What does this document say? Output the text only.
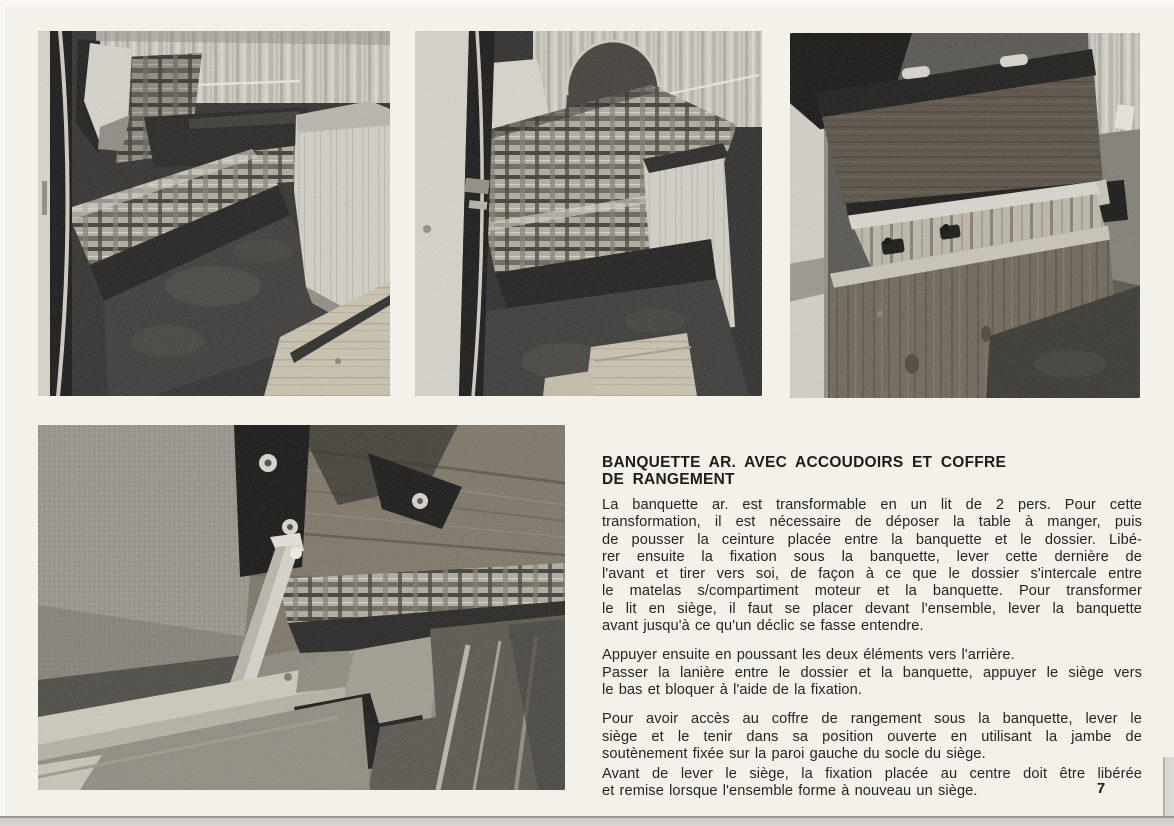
BANQUETTE AR. AVEC ACCOUDOIRS ET COFFRE
DE RANGEMENT
La banquette ar. est transformable en un lit de 2 pers. Pour cette
transformation, il est nécessaire de déposer la table à manger, puis
de pousser la ceinture placée entre la banquette et le dossier. Libé-
rer ensuite la fixation sous la banquette, lever cette dernière de
l'avant et tirer vers soi, de façon à ce que le dossier s'intercale entre
le matelas s/compartiment moteur et la banquette. Pour transformer
le lit en siège, il faut se placer devant l'ensemble, lever la banquette
avant jusqu'à ce qu'un déclic se fasse entendre.
Appuyer ensuite en poussant les deux éléments vers l'arrière.
Passer la lanière entre le dossier et la banquette, appuyer le siège vers
le bas et bloquer à l'aide de la fixation.
Pour avoir accès au coffre de rangement sous la banquette, lever le
siège et le tenir dans sa position ouverte en utilisant la jambe de
soutènement fixée sur la paroi gauche du socle du siège.
Avant de lever le siège, la fixation placée au centre doit être libérée
et remise lorsque l'ensemble forme à nouveau un siège.	7
